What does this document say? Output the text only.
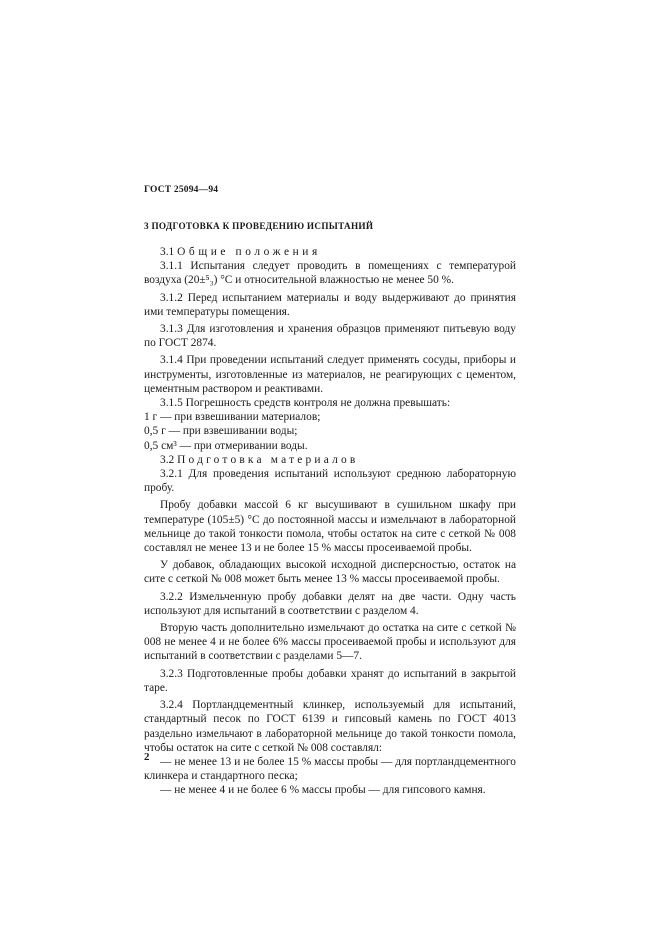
ГОСТ 25094—94
3 ПОДГОТОВКА К ПРОВЕДЕНИЮ ИСПЫТАНИЙ
3.1 Общие положения

3.1.1 Испытания следует проводить в помещениях с температурой воздуха (20±⁵₃) °С и относительной влажностью не менее 50 %.

3.1.2 Перед испытанием материалы и воду выдерживают до принятия ими температуры помещения.

3.1.3 Для изготовления и хранения образцов применяют питьевую воду по ГОСТ 2874.

3.1.4 При проведении испытаний следует применять сосуды, приборы и инструменты, изготовленные из материалов, не реагирующих с цементом, цементным раствором и реактивами.

3.1.5 Погрешность средств контроля не должна превышать:

1 г — при взвешивании материалов;

0,5 г — при взвешивании воды;

0,5 см³ — при отмеривании воды.

3.2 Подготовка материалов

3.2.1 Для проведения испытаний используют среднюю лабораторную пробу.

Пробу добавки массой 6 кг высушивают в сушильном шкафу при температуре (105±5) °С до постоянной массы и измельчают в лабораторной мельнице до такой тонкости помола, чтобы остаток на сите с сеткой № 008 составлял не менее 13 и не более 15 % массы просеиваемой пробы.

У добавок, обладающих высокой исходной дисперсностью, остаток на сите с сеткой № 008 может быть менее 13 % массы просеиваемой пробы.

3.2.2 Измельченную пробу добавки делят на две части. Одну часть используют для испытаний в соответствии с разделом 4.

Вторую часть дополнительно измельчают до остатка на сите с сеткой № 008 не менее 4 и не более 6% массы просеиваемой пробы и используют для испытаний в соответствии с разделами 5—7.

3.2.3 Подготовленные пробы добавки хранят до испытаний в закрытой таре.

3.2.4 Портландцементный клинкер, используемый для испытаний, стандартный песок по ГОСТ 6139 и гипсовый камень по ГОСТ 4013 раздельно измельчают в лабораторной мельнице до такой тонкости помола, чтобы остаток на сите с сеткой № 008 составлял:

— не менее 13 и не более 15 % массы пробы — для портландцементного клинкера и стандартного песка;

— не менее 4 и не более 6 % массы пробы — для гипсового камня.

2
